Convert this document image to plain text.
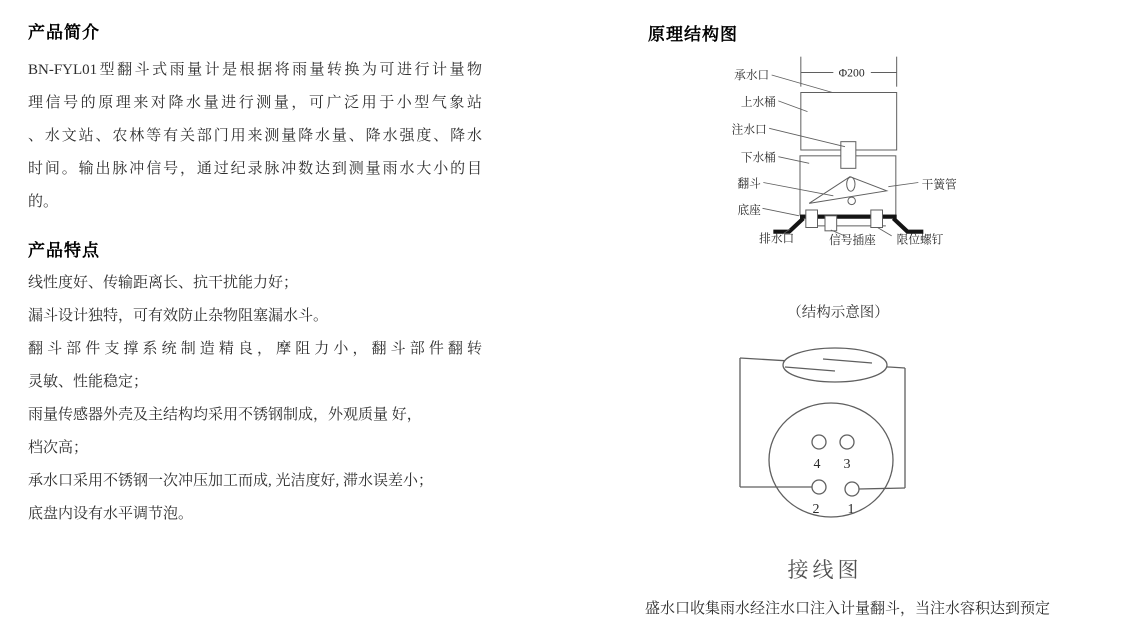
产品简介
BN-FYL01型翻斗式雨量计是根据将雨量转换为可进行计量物
理信号的原理来对降水量进行测量，可广泛用于小型气象站
、水文站、农林等有关部门用来测量降水量、降水强度、降水
时间。输出脉冲信号，通过纪录脉冲数达到测量雨水大小的目
的。
产品特点
线性度好、传输距离长、抗干扰能力好；
漏斗设计独特，可有效防止杂物阻塞漏水斗。
翻斗部件支撑系统制造精良，摩阻力小，翻斗部件翻转
灵敏、性能稳定；
雨量传感器外壳及主结构均采用不锈钢制成，外观质量 好，
档次高；
承水口采用不锈钢一次冲压加工而成, 光洁度好, 滞水误差小；
底盘内设有水平调节泡。
原理结构图
Φ200
承水口
上水桶
注水口
下水桶
翻斗
底座
排水口
干簧管
信号插座 限位螺钉
（结构示意图）
4 3
2 1
接线图
盛水口收集雨水经注水口注入计量翻斗，当注水容积达到预定
